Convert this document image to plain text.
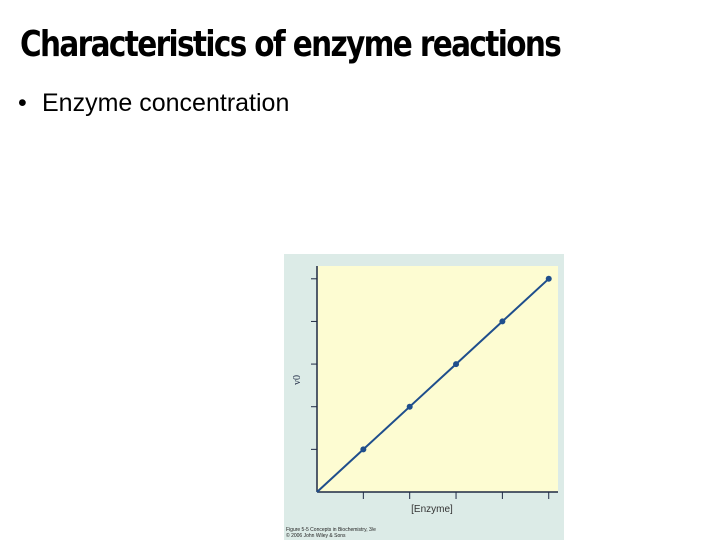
Characteristics of enzyme reactions
• Enzyme concentration
v0
[Enzyme]
Figure 5-5 Concepts in Biochemistry, 3/e
© 2006 John Wiley & Sons
